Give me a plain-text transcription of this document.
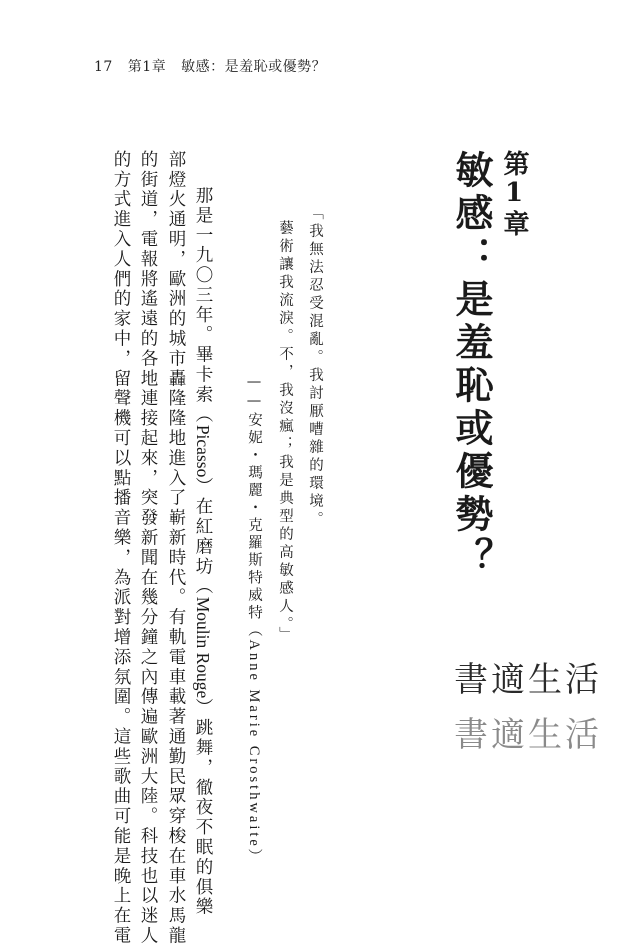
17 第1章 敏感：是羞恥或優勢？
第1章
敏感：是羞恥或優勢？
「我無法忍受混亂。我討厭嘈雜的環境。
藝術讓我流淚。不，我沒瘋；我是典型的高敏感人。」
——安妮・瑪麗・克羅斯特威特（Anne Marie Crosthwaite）
那是一九〇三年。畢卡索（Picasso）在紅磨坊（Moulin Rouge）跳舞，徹夜不眠的俱樂
部燈火通明，歐洲的城市轟隆隆地進入了嶄新時代。有軌電車載著通勤民眾穿梭在車水馬龍
的街道，電報將遙遠的各地連接起來，突發新聞在幾分鐘之內傳遍歐洲大陸。科技也以迷人
的方式進入人們的家中，留聲機可以點播音樂，為派對增添氛圍。這些歌曲可能是晚上在電	書適生活
書適生活
